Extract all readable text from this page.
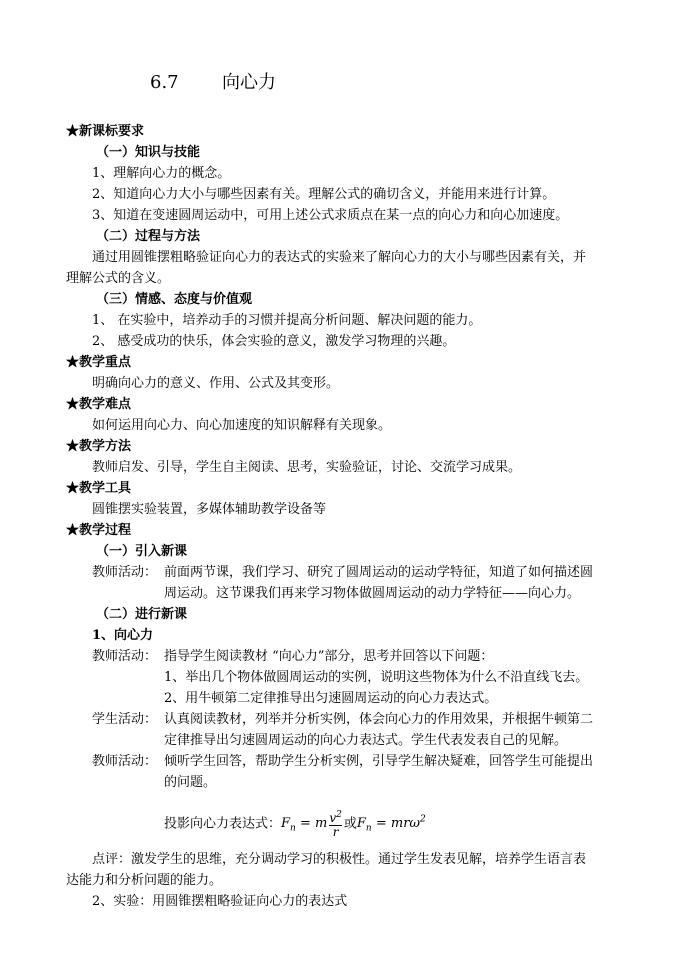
6.7 向心力
★新课标要求
（一）知识与技能
1、理解向心力的概念。
2、知道向心力大小与哪些因素有关。理解公式的确切含义，并能用来进行计算。
3、知道在变速圆周运动中，可用上述公式求质点在某一点的向心力和向心加速度。
（二）过程与方法
通过用圆锥摆粗略验证向心力的表达式的实验来了解向心力的大小与哪些因素有关，并
理解公式的含义。
（三）情感、态度与价值观
1、 在实验中，培养动手的习惯并提高分析问题、解决问题的能力。
2、 感受成功的快乐，体会实验的意义，激发学习物理的兴趣。
★教学重点
明确向心力的意义、作用、公式及其变形。
★教学难点
如何运用向心力、向心加速度的知识解释有关现象。
★教学方法
教师启发、引导，学生自主阅读、思考，实验验证，讨论、交流学习成果。
★教学工具
圆锥摆实验装置，多媒体辅助教学设备等
★教学过程
（一）引入新课
教师活动： 前面两节课，我们学习、研究了圆周运动的运动学特征，知道了如何描述圆
周运动。这节课我们再来学习物体做圆周运动的动力学特征——向心力。
（二）进行新课
1、向心力
教师活动： 指导学生阅读教材 “向心力”部分，思考并回答以下问题：
1、举出几个物体做圆周运动的实例，说明这些物体为什么不沿直线飞去。
2、用牛顿第二定律推导出匀速圆周运动的向心力表达式。
学生活动： 认真阅读教材，列举并分析实例，体会向心力的作用效果，并根据牛顿第二
定律推导出匀速圆周运动的向心力表达式。学生代表发表自己的见解。
教师活动： 倾听学生回答，帮助学生分析实例，引导学生解决疑难，回答学生可能提出
的问题。
投影向心力表达式：$F_n = m \frac{v^2}{r}$ 或$F_n = mr\omega^2$
点评：激发学生的思维，充分调动学习的积极性。通过学生发表见解，培养学生语言表
达能力和分析问题的能力。
2、实验：用圆锥摆粗略验证向心力的表达式
